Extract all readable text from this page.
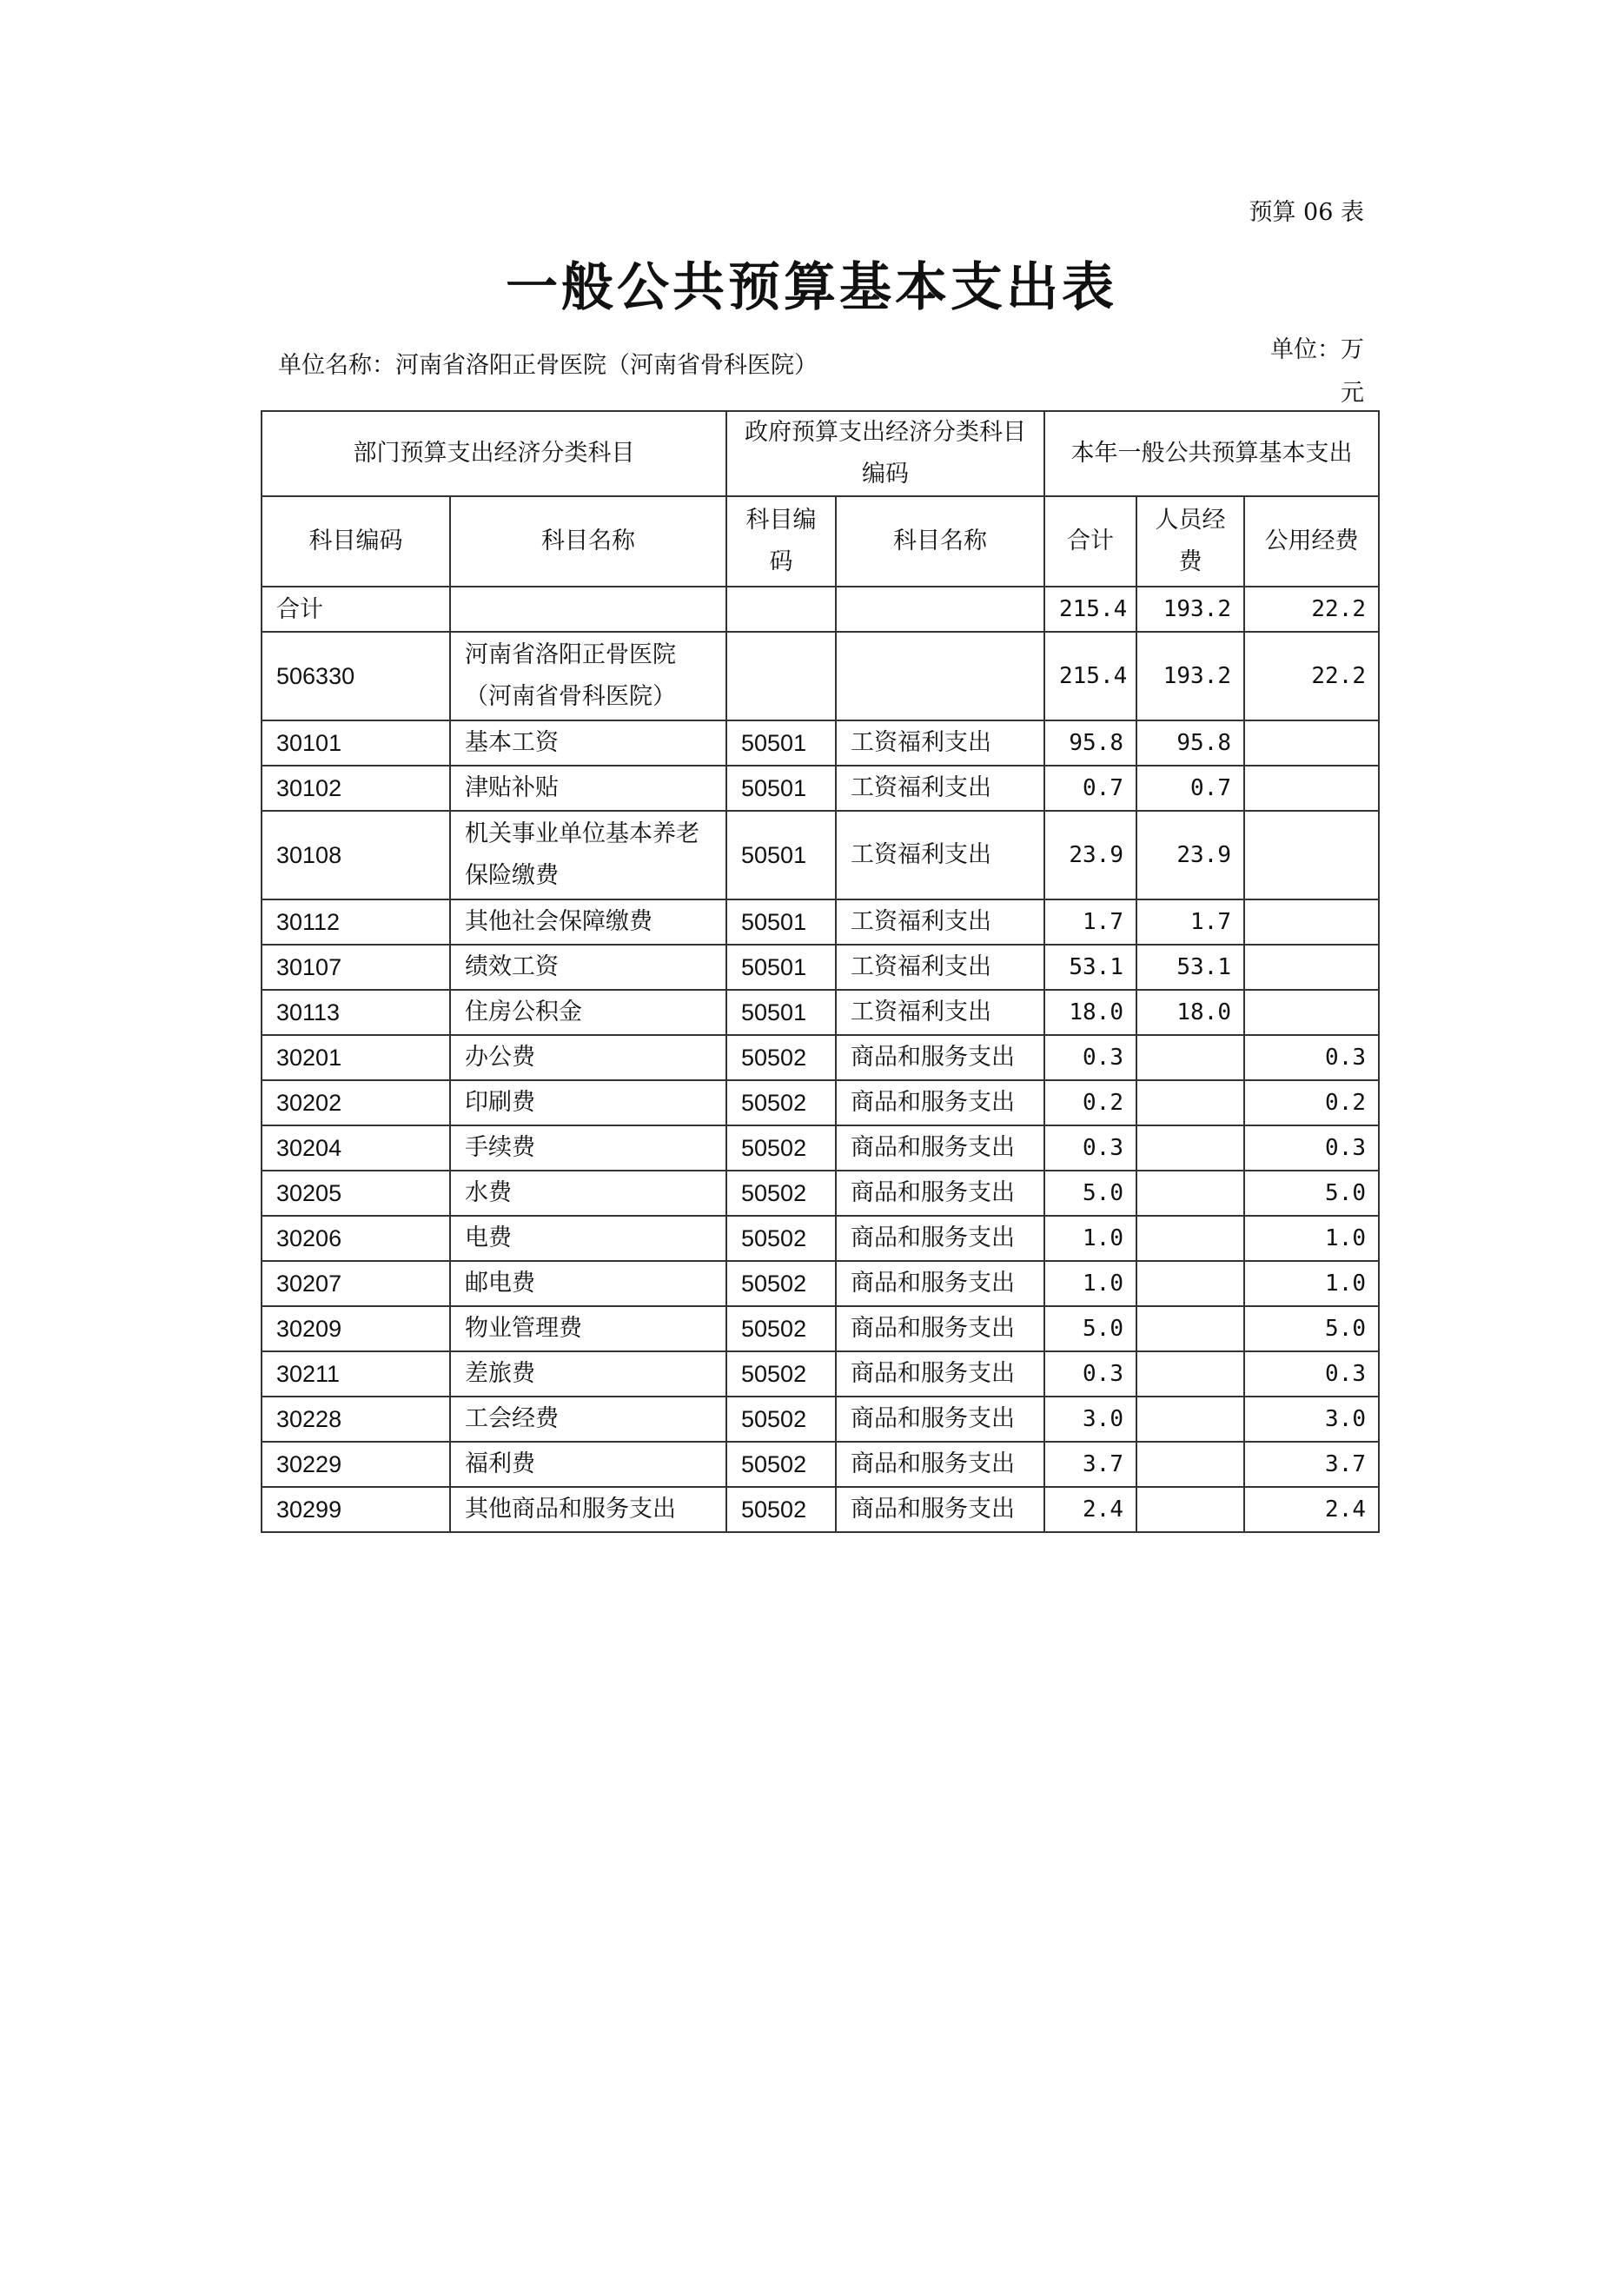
预算 06 表
一般公共预算基本支出表
单位名称：河南省洛阳正骨医院（河南省骨科医院）
单位：万
元
部门预算支出经济分类科目		政府预算支出经济分类科目编码		本年一般公共预算基本支出		
科目编码	科目名称	科目编码	科目名称	合计	人员经费	公用经费
合计				215.4	193.2	22.2
506330	河南省洛阳正骨医院（河南省骨科医院）			215.4	193.2	22.2
30101	基本工资	50501	工资福利支出	95.8	95.8	
30102	津贴补贴	50501	工资福利支出	0.7	0.7	
30108	机关事业单位基本养老保险缴费	50501	工资福利支出	23.9	23.9	
30112	其他社会保障缴费	50501	工资福利支出	1.7	1.7	
30107	绩效工资	50501	工资福利支出	53.1	53.1	
30113	住房公积金	50501	工资福利支出	18.0	18.0	
30201	办公费	50502	商品和服务支出	0.3		0.3
30202	印刷费	50502	商品和服务支出	0.2		0.2
30204	手续费	50502	商品和服务支出	0.3		0.3
30205	水费	50502	商品和服务支出	5.0		5.0
30206	电费	50502	商品和服务支出	1.0		1.0
30207	邮电费	50502	商品和服务支出	1.0		1.0
30209	物业管理费	50502	商品和服务支出	5.0		5.0
30211	差旅费	50502	商品和服务支出	0.3		0.3
30228	工会经费	50502	商品和服务支出	3.0		3.0
30229	福利费	50502	商品和服务支出	3.7		3.7
30299	其他商品和服务支出	50502	商品和服务支出	2.4		2.4
